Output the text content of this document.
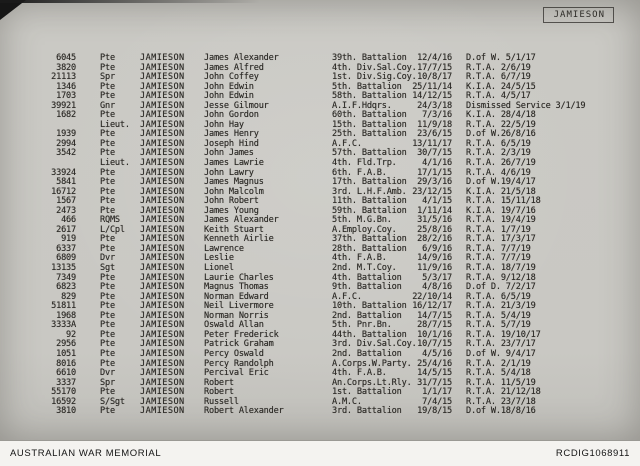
JAMIESON
6045	Pte	JAMIESON	James Alexander	39th. Battalion	12/4/16 D.of W. 5/1/17
3820	Pte	JAMIESON	James Alfred	4th. Div.Sal.Coy. 17/7/15 R.T.A. 2/6/19
21113	Spr	JAMIESON	John Coffey	1st. Div.Sig.Coy. 10/8/17 R.T.A. 6/7/19
1346	Pte	JAMIESON	John Edwin	5th. Battalion	25/11/14 K.I.A. 24/5/15
1703	Pte	JAMIESON	John Edwin	58th. Battalion 14/12/15 R.T.A. 4/5/17
39921	Gnr	JAMIESON	Jesse Gilmour	A.I.F.Hdqrs.	24/3/18 Dismissed Service 3/1/19
1682	Pte	JAMIESON	John Gordon	60th. Battalion	7/3/16 K.I.A. 28/4/18
Lieut.	JAMIESON	John Hay	15th. Battalion	11/9/18 R.T.A. 22/5/19
1939	Pte	JAMIESON	James Henry	25th. Battalion	23/6/15 D.of W.26/8/16
2994	Pte	JAMIESON	Joseph Hind	A.F.C.	13/11/17 R.T.A. 6/5/19
3542	Pte	JAMIESON	John James	57th. Battalion	30/7/15 R.T.A. 2/3/19
Lieut.	JAMIESON	James Lawrie	4th. Fld.Trp.	4/1/16 R.T.A. 26/7/19
33924	Pte	JAMIESON	John Lawry	6th. F.A.B.	17/1/15 R.T.A. 4/6/19
5841	Pte	JAMIESON	James Magnus	17th. Battalion	29/3/16 D.of W.19/4/17
16712	Pte	JAMIESON	John Malcolm	3rd. L.H.F.Amb. 23/12/15 K.I.A. 21/5/18
1567	Pte	JAMIESON	John Robert	11th. Battalion	4/1/15 R.T.A. 15/11/18
2473	Pte	JAMIESON	James Young	59th. Battalion	1/11/14 K.I.A. 19/7/16
466	RQMS	JAMIESON	James Alexander	5th. M.G.Bn.	31/5/16 R.T.A. 19/4/19
2617	L/Cpl	JAMIESON	Keith Stuart	A.Employ.Coy.	25/8/16 R.T.A. 1/7/19
919	Pte	JAMIESON	Kenneth Airlie	37th. Battalion	28/2/16 R.T.A. 17/3/17
6337	Pte	JAMIESON	Lawrence	28th. Battalion	6/9/16 R.T.A. 7/7/19
6809	Dvr	JAMIESON	Leslie	4th. F.A.B.	14/9/16 R.T.A. 7/7/19
13135	Sgt	JAMIESON	Lionel	2nd. M.T.Coy.	11/9/16 R.T.A. 18/7/19
7349	Pte	JAMIESON	Laurie Charles	4th. Battalion	5/3/17 R.T.A. 9/12/18
6823	Pte	JAMIESON	Magnus Thomas	9th. Battalion	4/8/16 D.of D. 7/2/17
829	Pte	JAMIESON	Norman Edward	A.F.C.	22/10/14 R.T.A. 6/5/19
51811	Pte	JAMIESON	Neil Livermore	10th. Battalion 16/12/17 R.T.A. 21/3/19
1968	Pte	JAMIESON	Norman Norris	2nd. Battalion	14/7/15 R.T.A. 5/4/19
3333A	Pte	JAMIESON	Oswald Allan	5th. Pnr.Bn.	28/7/15 R.T.A. 5/7/19
92	Pte	JAMIESON	Peter Frederick	44th. Battalion	10/1/16 R.T.A. 19/10/17
2956	Pte	JAMIESON	Patrick Graham	3rd. Div.Sal.Coy. 10/7/15 R.T.A. 23/7/17
1051	Pte	JAMIESON	Percy Oswald	2nd. Battalion	4/5/16 D.of W. 9/4/17
8016	Pte	JAMIESON	Percy Randolph	A.Corps.W.Party. 25/4/16 R.T.A. 2/1/19
6610	Dvr	JAMIESON	Percival Eric	4th. F.A.B.	14/5/15 R.T.A. 5/4/18
3337	Spr	JAMIESON	Robert	An.Corps.Lt.Rly. 31/7/15 R.T.A. 11/5/19
55170	Pte	JAMIESON	Robert	1st. Battalion	1/1/17 R.T.A. 21/12/18
16592	S/Sgt	JAMIESON	Russell	A.M.C.	7/4/15 R.T.A. 23/7/18
3810	Pte	JAMIESON	Robert Alexander	3rd. Battalion	19/8/15 D.of W.18/8/16
AUSTRALIAN WAR MEMORIAL	RCDIG1068911
